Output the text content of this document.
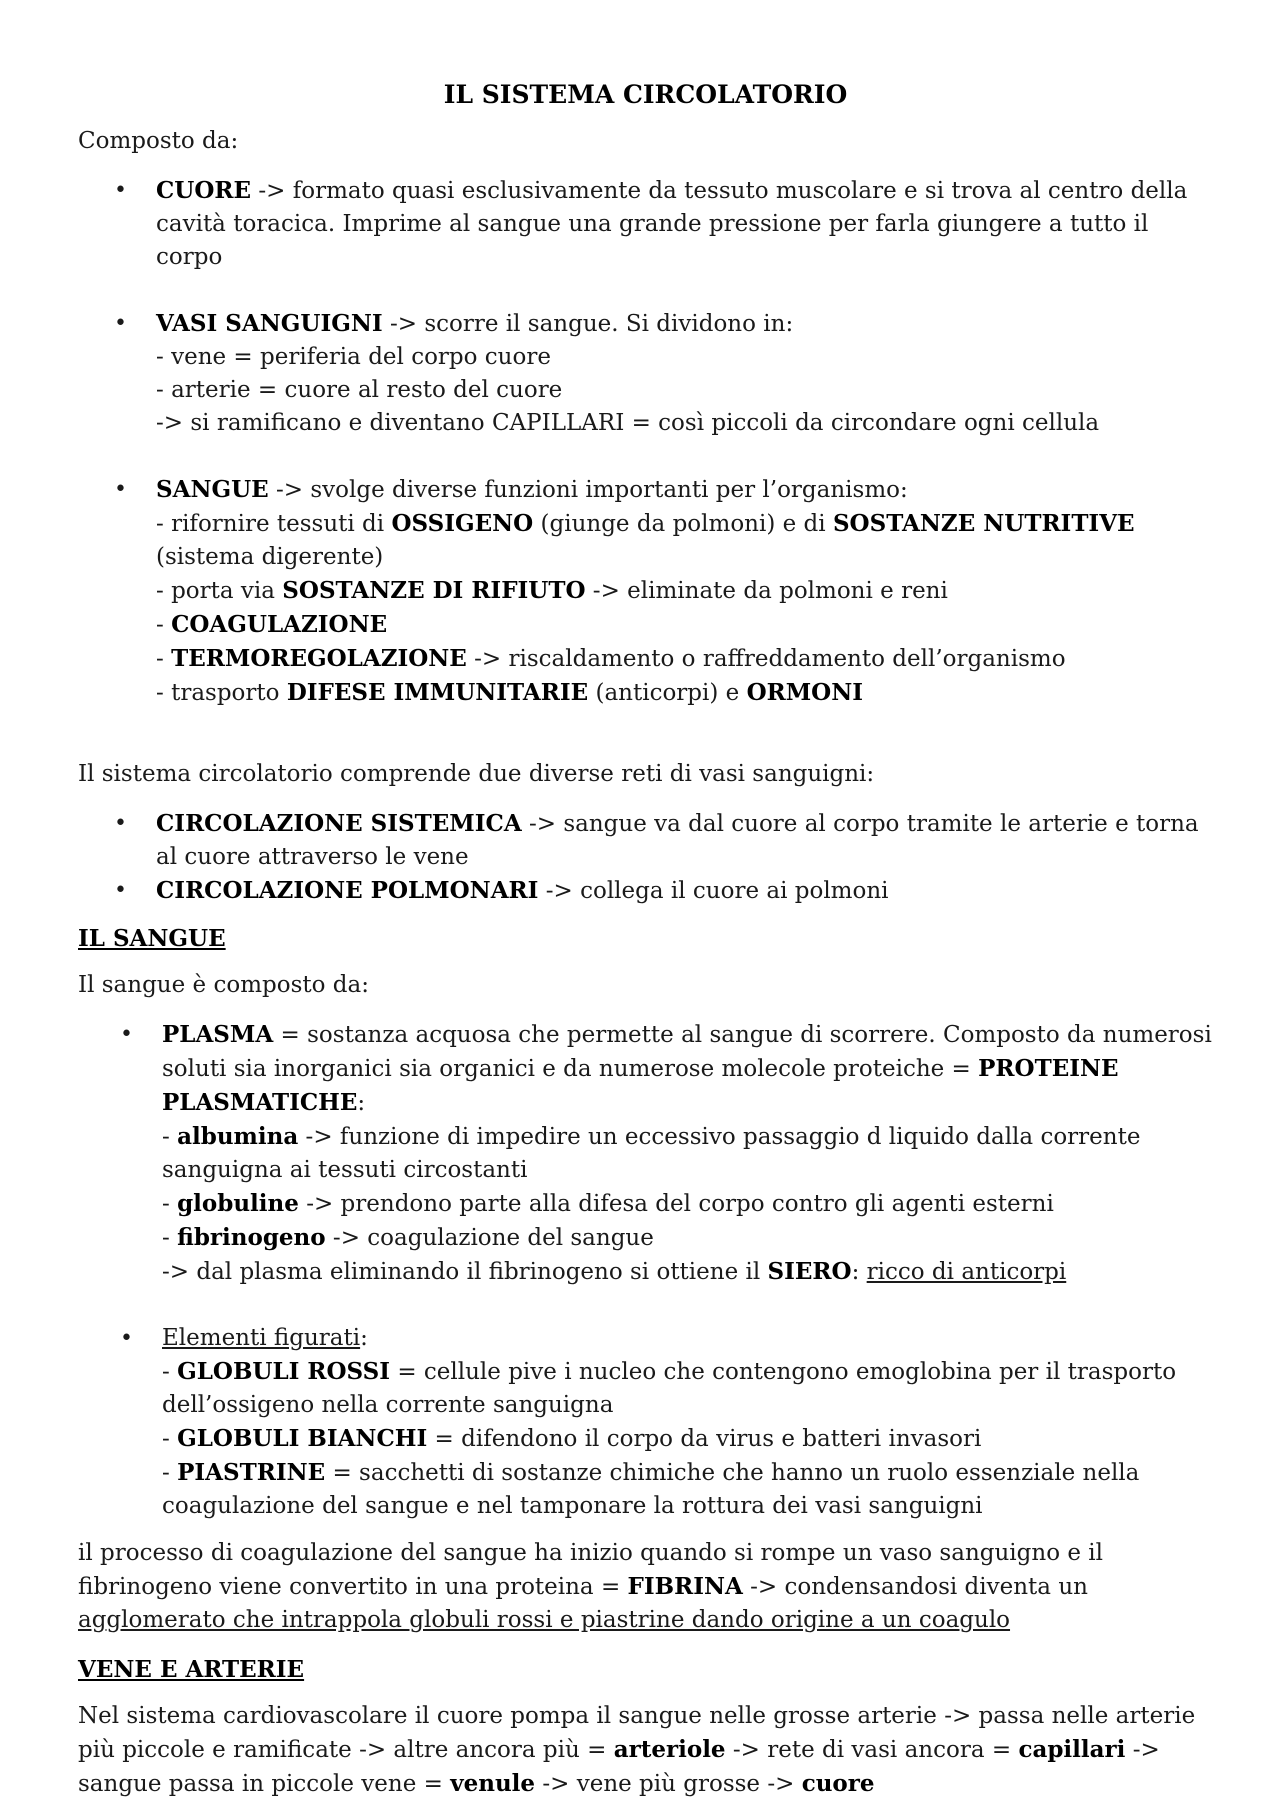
IL SISTEMA CIRCOLATORIO

Composto da:

• CUORE -> formato quasi esclusivamente da tessuto muscolare e si trova al centro della cavità toracica. Imprime al sangue una grande pressione per farla giungere a tutto il corpo
• VASI SANGUIGNI -> scorre il sangue. Si dividono in:
- vene = periferia del corpo cuore
- arterie = cuore al resto del cuore
-> si ramificano e diventano CAPILLARI = così piccoli da circondare ogni cellula
• SANGUE -> svolge diverse funzioni importanti per l’organismo:
- rifornire tessuti di OSSIGENO (giunge da polmoni) e di SOSTANZE NUTRITIVE (sistema digerente)
- porta via SOSTANZE DI RIFIUTO -> eliminate da polmoni e reni
- COAGULAZIONE
- TERMOREGOLAZIONE -> riscaldamento o raffreddamento dell’organismo
- trasporto DIFESE IMMUNITARIE (anticorpi) e ORMONI

Il sistema circolatorio comprende due diverse reti di vasi sanguigni:

• CIRCOLAZIONE SISTEMICA -> sangue va dal cuore al corpo tramite le arterie e torna al cuore attraverso le vene
• CIRCOLAZIONE POLMONARI -> collega il cuore ai polmoni
IL SANGUE

Il sangue è composto da:

• PLASMA = sostanza acquosa che permette al sangue di scorrere. Composto da numerosi soluti sia inorganici sia organici e da numerose molecole proteiche = PROTEINE PLASMATICHE:
- albumina -> funzione di impedire un eccessivo passaggio d liquido dalla corrente sanguigna ai tessuti circostanti
- globuline -> prendono parte alla difesa del corpo contro gli agenti esterni
- fibrinogeno -> coagulazione del sangue
-> dal plasma eliminando il fibrinogeno si ottiene il SIERO: ricco di anticorpi
• Elementi figurati:
- GLOBULI ROSSI = cellule pive i nucleo che contengono emoglobina per il trasporto dell’ossigeno nella corrente sanguigna
- GLOBULI BIANCHI = difendono il corpo da virus e batteri invasori
- PIASTRINE = sacchetti di sostanze chimiche che hanno un ruolo essenziale nella coagulazione del sangue e nel tamponare la rottura dei vasi sanguigni

il processo di coagulazione del sangue ha inizio quando si rompe un vaso sanguigno e il fibrinogeno viene convertito in una proteina = FIBRINA -> condensandosi diventa un agglomerato che intrappola globuli rossi e piastrine dando origine a un coagulo

VENE E ARTERIE

Nel sistema cardiovascolare il cuore pompa il sangue nelle grosse arterie -> passa nelle arterie più piccole e ramificate -> altre ancora più = arteriole -> rete di vasi ancora = capillari -> sangue passa in piccole vene = venule -> vene più grosse -> cuore
